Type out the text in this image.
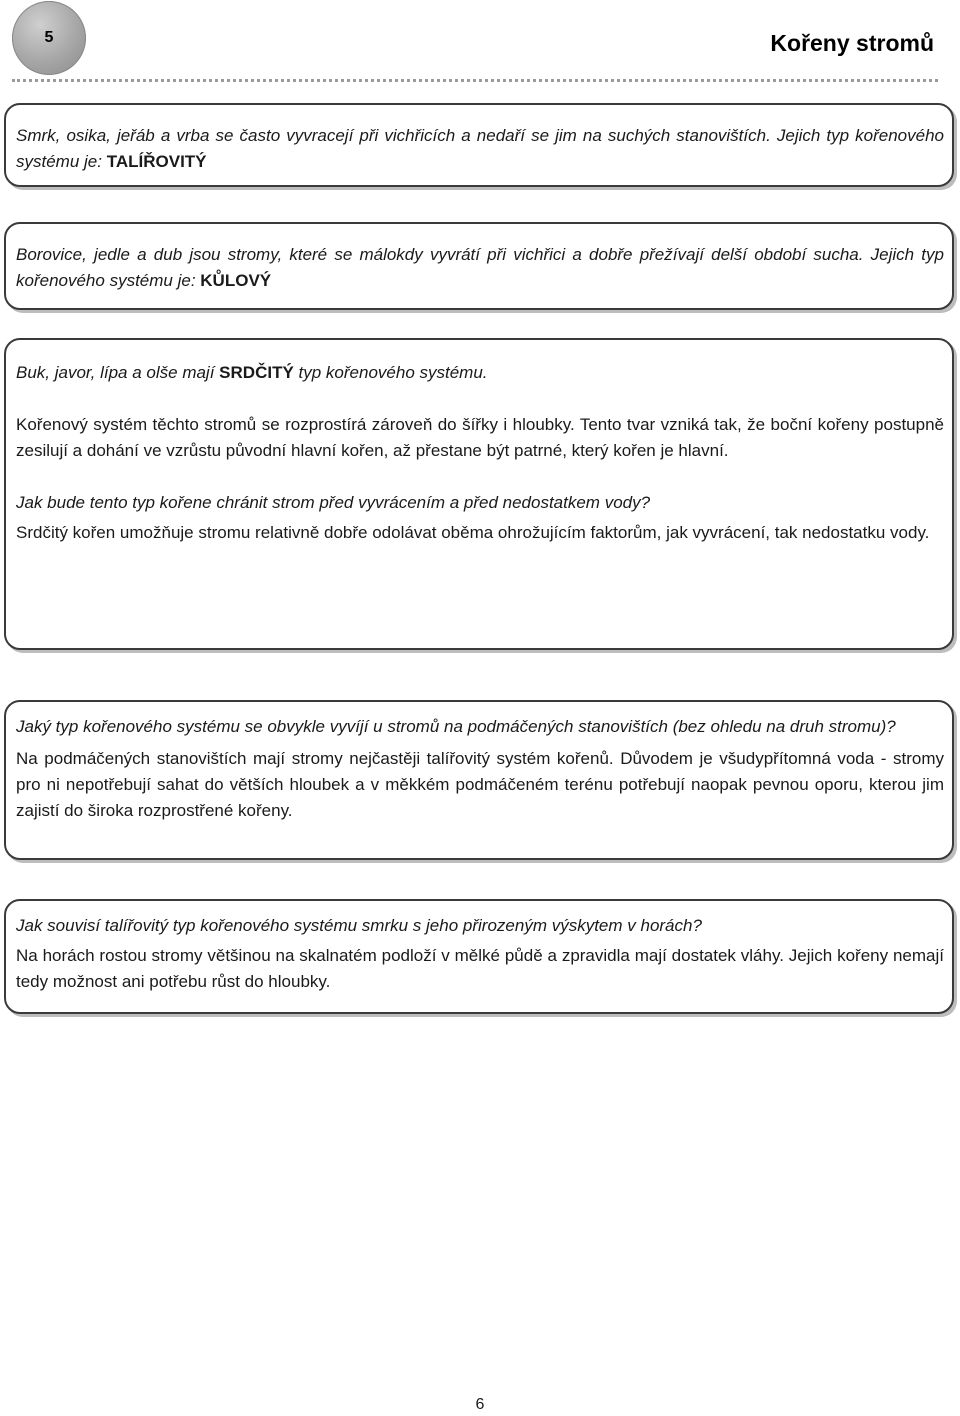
5	Kořeny stromů

Smrk, osika, jeřáb a vrba se často vyvracejí při vichřicích a nedaří se jim na suchých stanovištích. Jejich typ kořenového systému je: TALÍŘOVITÝ

Borovice, jedle a dub jsou stromy, které se málokdy vyvrátí při vichřici a dobře přežívají delší období sucha. Jejich typ kořenového systému je: KŮLOVÝ

Buk, javor, lípa a olše mají SRDČITÝ typ kořenového systému.

Kořenový systém těchto stromů se rozprostírá zároveň do šířky i hloubky. Tento tvar vzniká tak, že boční kořeny postupně zesilují a dohání ve vzrůstu původní hlavní kořen, až přestane být patrné, který kořen je hlavní.

Jak bude tento typ kořene chránit strom před vyvrácením a před nedostatkem vody?

Srdčitý kořen umožňuje stromu relativně dobře odolávat oběma ohrožujícím faktorům, jak vyvrácení, tak nedostatku vody.

Jaký typ kořenového systému se obvykle vyvíjí u stromů na podmáčených stanovištích (bez ohledu na druh stromu)?

Na podmáčených stanovištích mají stromy nejčastěji talířovitý systém kořenů. Důvodem je všudypřítomná voda - stromy pro ni nepotřebují sahat do větších hloubek a v měkkém podmáčeném terénu potřebují naopak pevnou oporu, kterou jim zajistí do široka rozprostřené kořeny.

Jak souvisí talířovitý typ kořenového systému smrku s jeho přirozeným výskytem v horách?

Na horách rostou stromy většinou na skalnatém podloží v mělké půdě a zpravidla mají dostatek vláhy. Jejich kořeny nemají tedy možnost ani potřebu růst do hloubky.

6
